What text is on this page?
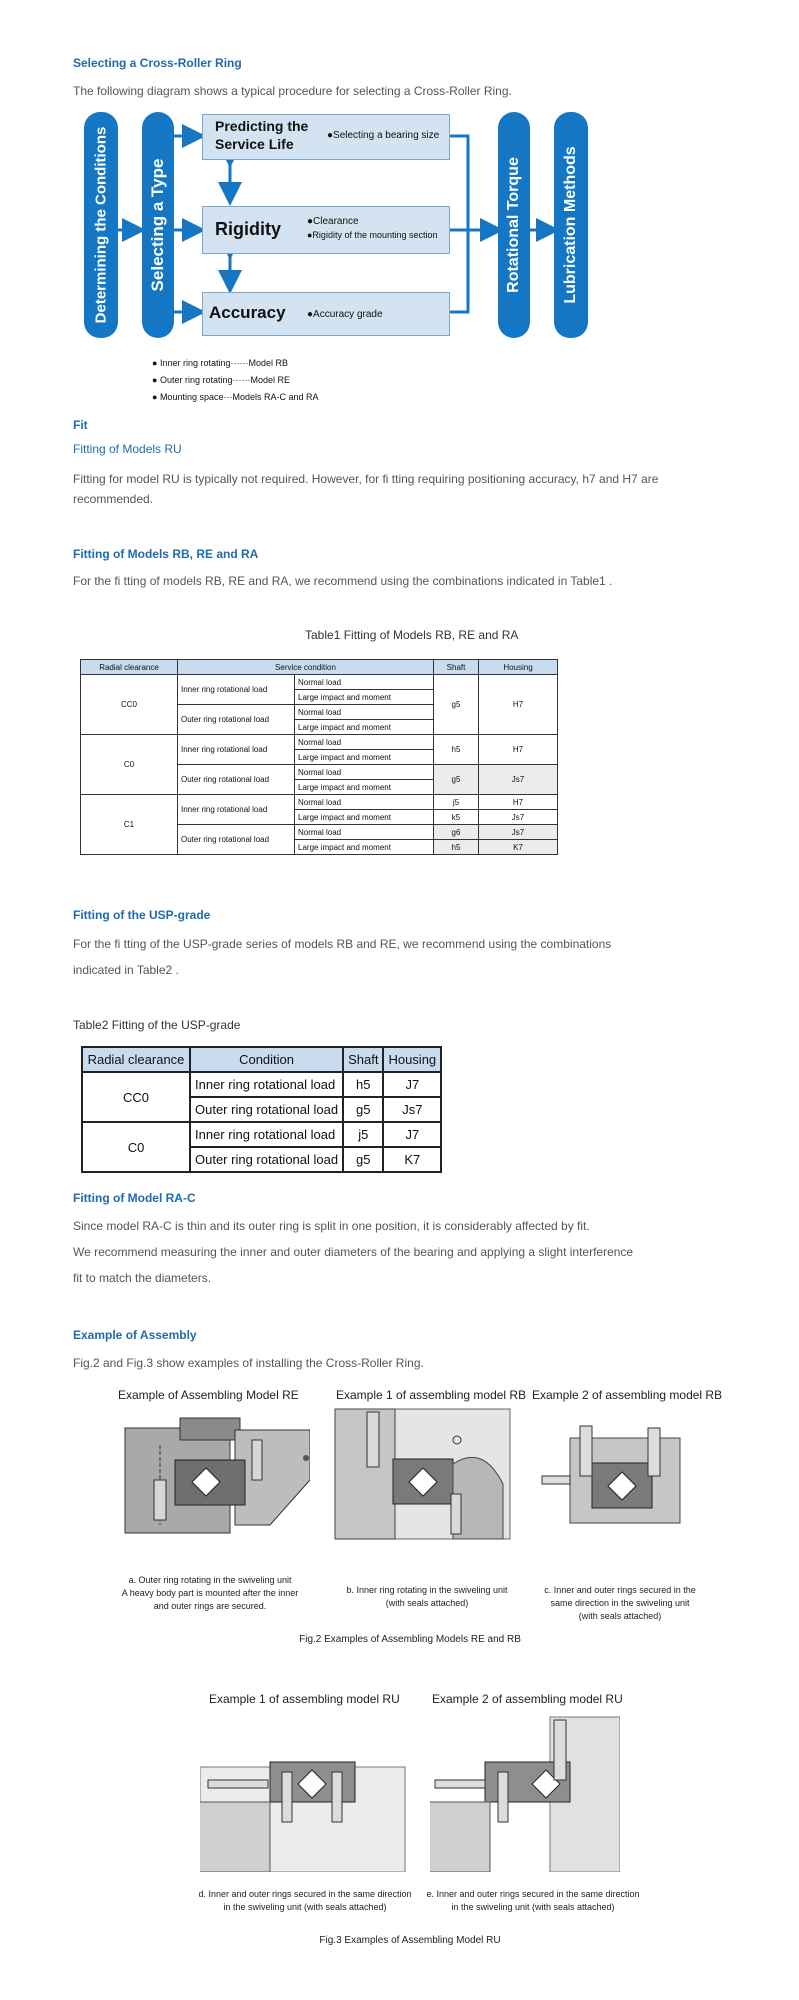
Selecting a Cross-Roller Ring
The following diagram shows a typical procedure for selecting a Cross-Roller Ring.
Determining the Conditions Selecting a Type
Predicting the Service Life
●Selecting a bearing size
Rigidity	●Clearance
●Rigidity of the mounting section
Accuracy ●Accuracy grade
Rotational Torque	Lubrication Methods
● Inner ring rotating······Model RB
● Outer ring rotating······Model RE
● Mounting space···Models RA-C and RA
Fit
Fitting of Models RU
Fitting for model RU is typically not required. However, for fi tting requiring positioning accuracy, h7 and H7 are
recommended.
Fitting of Models RB, RE and RA
For the fi tting of models RB, RE and RA, we recommend using the combinations indicated in Table1 .
Table1 Fitting of Models RB, RE and RA
Radial clearance	Service condition		Shaft	Housing
CC0	Inner ring rotational load	Normal load	g5	H7
		Large impact and moment		
	Outer ring rotational load	Normal load		
		Large impact and moment		
C0	Inner ring rotational load	Normal load	h5	H7
		Large impact and moment		
	Outer ring rotational load	Normal load	g5	Js7
		Large impact and moment		
C1	Inner ring rotational load	Normal load	j5	H7
		Large impact and moment	k5	Js7
	Outer ring rotational load	Normal load	g6	Js7
		Large impact and moment	h5	K7
Fitting of the USP-grade
For the fi tting of the USP-grade series of models RB and RE, we recommend using the combinations
indicated in Table2 .
Table2 Fitting of the USP-grade
Radial clearance	Condition	Shaft	Housing
CC0	Inner ring rotational load	h5	J7
	Outer ring rotational load	g5	Js7
C0	Inner ring rotational load	j5	J7
	Outer ring rotational load	g5	K7
Fitting of Model RA-C
Since model RA-C is thin and its outer ring is split in one position, it is considerably affected by fit.
We recommend measuring the inner and outer diameters of the bearing and applying a slight interference
fit to match the diameters.
Example of Assembly
Fig.2 and Fig.3 show examples of installing the Cross-Roller Ring.
Example of Assembling Model RE	Example 1 of assembling model RB Example 2 of assembling model RB
a. Outer ring rotating in the swiveling unit
A heavy body part is mounted after the inner
and outer rings are secured.
b. Inner ring rotating in the swiveling unit
(with seals attached)
c. Inner and outer rings secured in the
same direction in the swiveling unit
(with seals attached)
Fig.2 Examples of Assembling Models RE and RB
Example 1 of assembling model RU	Example 2 of assembling model RU
d. Inner and outer rings secured in the same direction
in the swiveling unit (with seals attached)
e. Inner and outer rings secured in the same direction
in the swiveling unit (with seals attached)
Fig.3 Examples of Assembling Model RU
